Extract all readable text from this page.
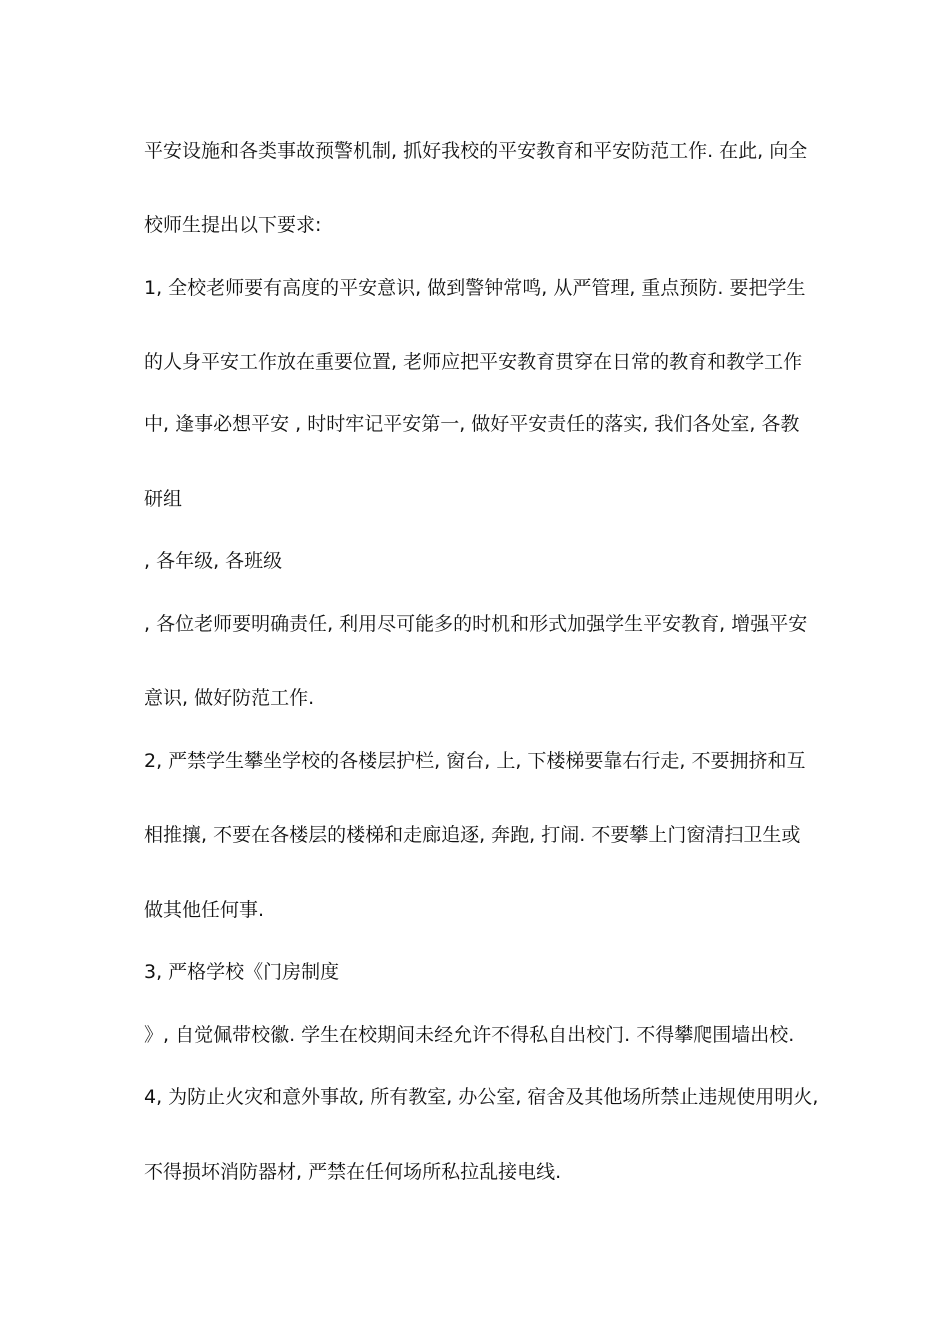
平安设施和各类事故预警机制, 抓好我校的平安教育和平安防范工作. 在此, 向全
校师生提出以下要求:
1, 全校老师要有高度的平安意识, 做到警钟常鸣, 从严管理, 重点预防. 要把学生
的人身平安工作放在重要位置, 老师应把平安教育贯穿在日常的教育和教学工作
中, 逢事必想平安 , 时时牢记平安第一, 做好平安责任的落实, 我们各处室, 各教
研组
, 各年级, 各班级
, 各位老师要明确责任, 利用尽可能多的时机和形式加强学生平安教育, 增强平安
意识, 做好防范工作.
2, 严禁学生攀坐学校的各楼层护栏, 窗台, 上, 下楼梯要靠右行走, 不要拥挤和互
相推攘, 不要在各楼层的楼梯和走廊追逐, 奔跑, 打闹. 不要攀上门窗清扫卫生或
做其他任何事.
3, 严格学校《门房制度
》, 自觉佩带校徽. 学生在校期间未经允许不得私自出校门. 不得攀爬围墙出校.
4, 为防止火灾和意外事故, 所有教室, 办公室, 宿舍及其他场所禁止违规使用明火,
不得损坏消防器材, 严禁在任何场所私拉乱接电线.
